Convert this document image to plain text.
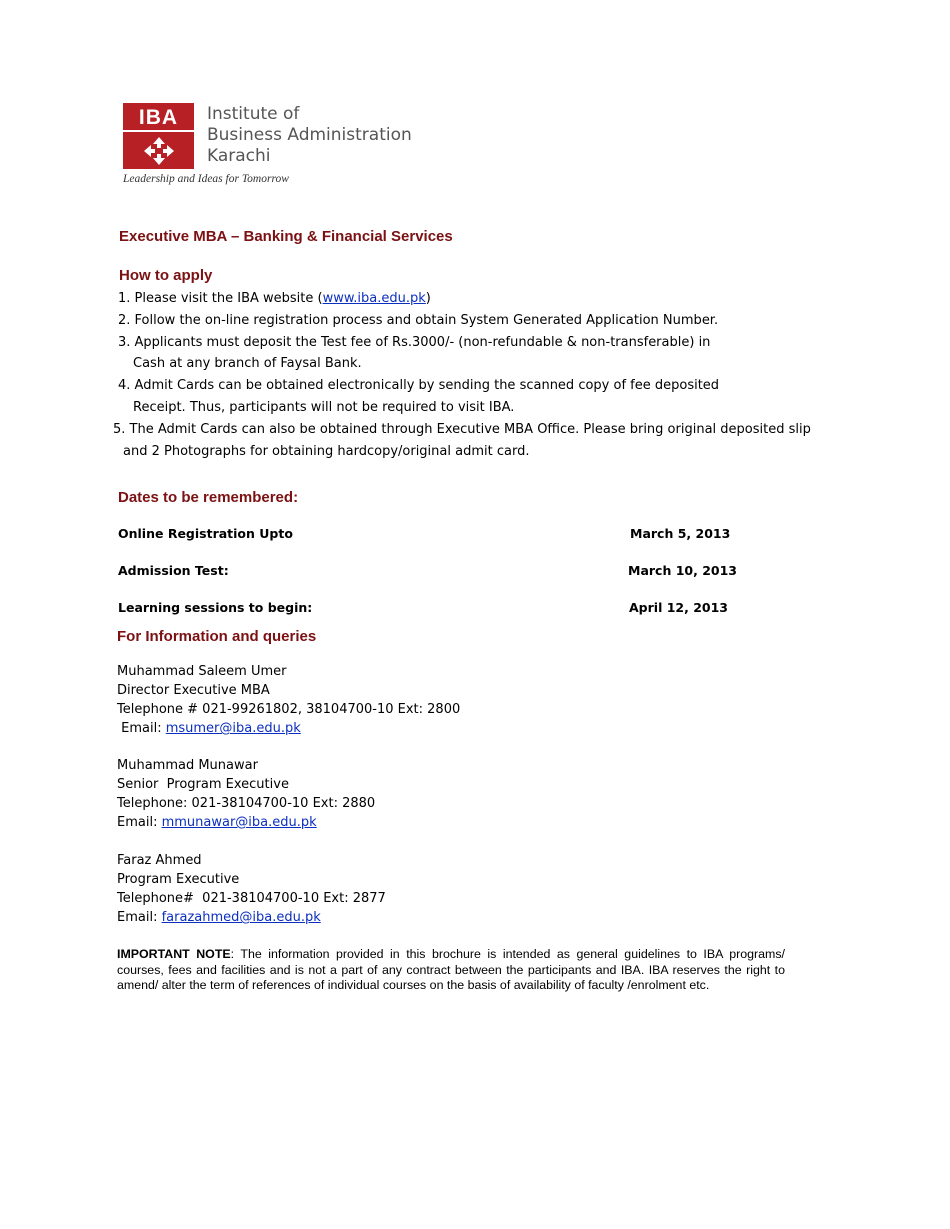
IBA	Institute of
Business Administration
Karachi
Leadership and Ideas for Tomorrow
Executive MBA – Banking & Financial Services
How to apply
1. Please visit the IBA website (www.iba.edu.pk)
2. Follow the on-line registration process and obtain System Generated Application Number.
3. Applicants must deposit the Test fee of Rs.3000/- (non-refundable & non-transferable) in
Cash at any branch of Faysal Bank.
4. Admit Cards can be obtained electronically by sending the scanned copy of fee deposited
Receipt. Thus, participants will not be required to visit IBA.
5. The Admit Cards can also be obtained through Executive MBA Office. Please bring original deposited slip
and 2 Photographs for obtaining hardcopy/original admit card.
Dates to be remembered:
Online Registration Upto	March 5, 2013
Admission Test:	March 10, 2013
Learning sessions to begin:	April 12, 2013
For Information and queries
Muhammad Saleem Umer
Director Executive MBA
Telephone # 021-99261802, 38104700-10 Ext: 2800
Email: msumer@iba.edu.pk
Muhammad Munawar
Senior  Program Executive
Telephone: 021-38104700-10 Ext: 2880
Email: mmunawar@iba.edu.pk
Faraz Ahmed
Program Executive
Telephone#  021-38104700-10 Ext: 2877
Email: farazahmed@iba.edu.pk
IMPORTANT NOTE: The information provided in this brochure is intended as general guidelines to IBA programs/ courses, fees and facilities and is not a part of any contract between the participants and IBA. IBA reserves the right to amend/ alter the term of references of individual courses on the basis of availability of faculty /enrolment etc.
